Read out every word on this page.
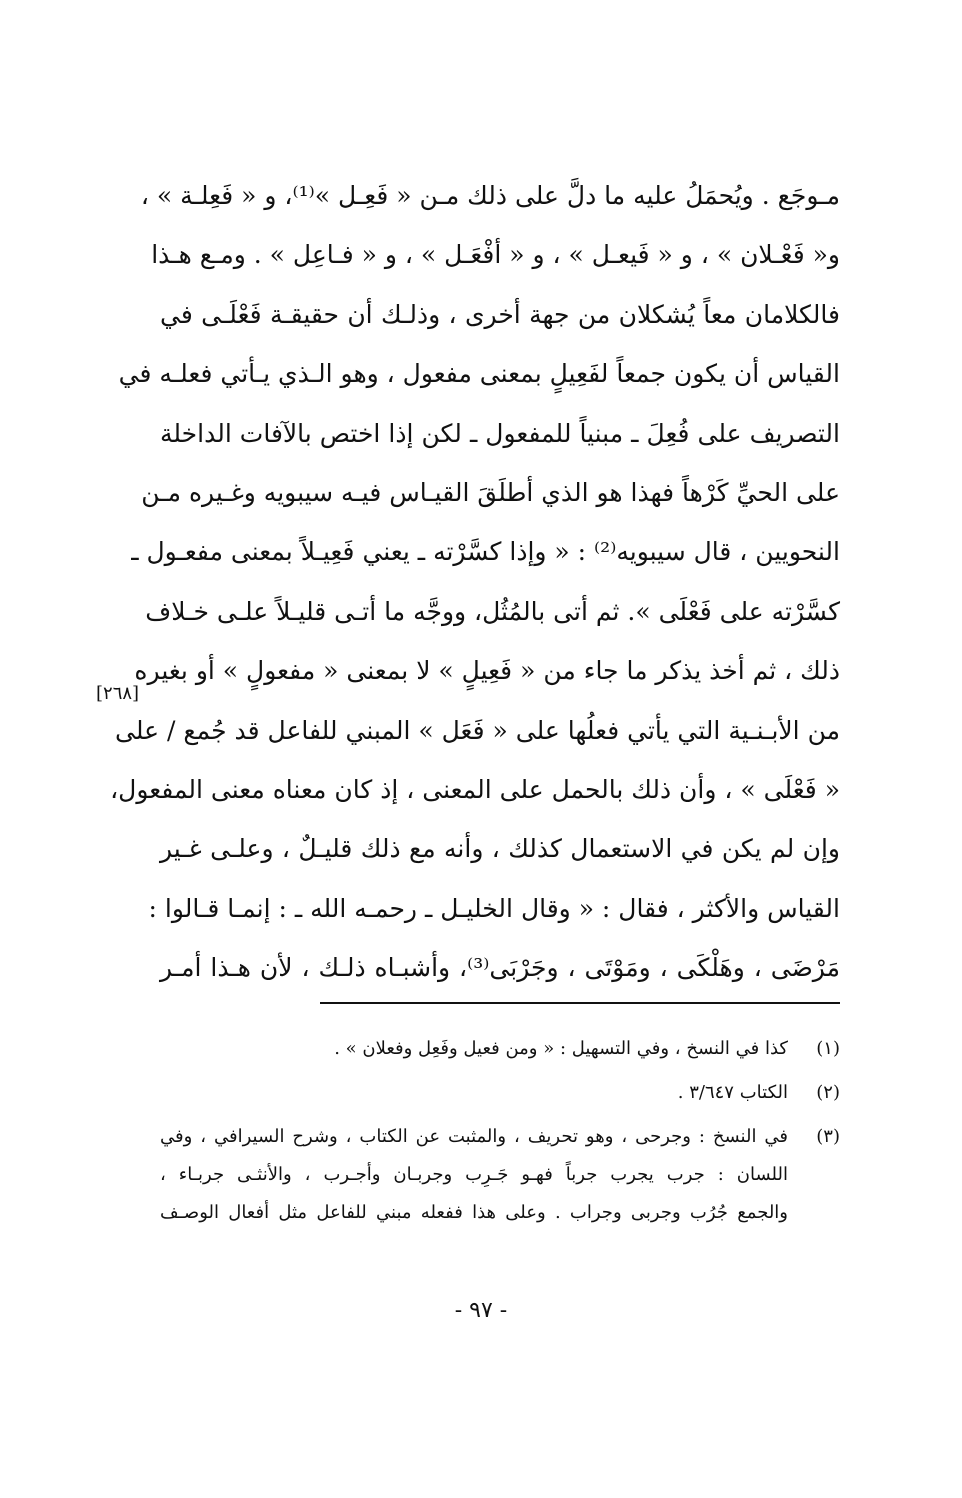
مـوجَع . ويُحمَلُ عليه ما دلَّ على ذلك مـن « فَعِـل »⁽¹⁾، و « فَعِلـة » ،
و« فَعْـلان » ، و « فَيعـل » ، و « أفْعَـل » ، و « فـاعِل » . ومـع هـذا
فالكلامان معاً يُشكلان من جهة أخرى ، وذلـك أن حقيقـة فَعْلَـى في
القياس أن يكون جمعاً لفَعِيلٍ بمعنى مفعول ، وهو الـذي يـأتي فعلـه في
التصريف على فُعِلَ ـ مبنياً للمفعول ـ لكن إذا اختص بالآفات الداخلة
على الحيِّ كَرْهاً فهذا هو الذي أطلَقَ القيـاس فيـه سيبويه وغـيره مـن
النحويين ، قال سيبويه⁽²⁾ : « وإذا كسَّرْته ـ يعني فَعِيـلاً بمعنى مفعـول ـ
كسَّرْته على فَعْلَى ». ثم أتى بالمُثُل، ووجَّه ما أتـى قليـلاً علـى خـلاف
ذلك ، ثم أخذ يذكر ما جاء من « فَعِيلٍ » لا بمعنى « مفعولٍ » أو بغيره
من الأبـنـية التي يأتي فعلُها على « فَعَل » المبني للفاعل قد جُمع / على
« فَعْلَى » ، وأن ذلك بالحمل على المعنى ، إذ كان معناه معنى المفعول،
وإن لم يكن في الاستعمال كذلك ، وأنه مع ذلك قليـلٌ ، وعلـى غـير
القياس والأكثر ، فقال : « وقال الخليـل ـ رحمـه الله ـ : إنمـا قـالوا :
مَرْضَى ، وهَلْكَى ، ومَوْتَى ، وجَرْبَى⁽³⁾، وأشبـاه ذلـك ، لأن هـذا أمـر
[٢٦٨]
(١)
كذا في النسخ ، وفي التسهيل : « ومن فعيل وفَعِل وفعلان » .
(٢)
الكتاب ٣/٦٤٧ .
(٣)
في النسخ : وجرحى ، وهو تحريف ، والمثبت عن الكتاب ، وشرح السيرافي ، وفي
اللسان : جرب يجرب جرباً فهـو جَـرِب وجربـان وأجـرب ، والأنثـى جربـاء ،
والجمع جُرُب وجربى وجراب . وعلى هذا ففعله مبني للفاعل مثل أفعال الوصـف
- ٩٧ -
